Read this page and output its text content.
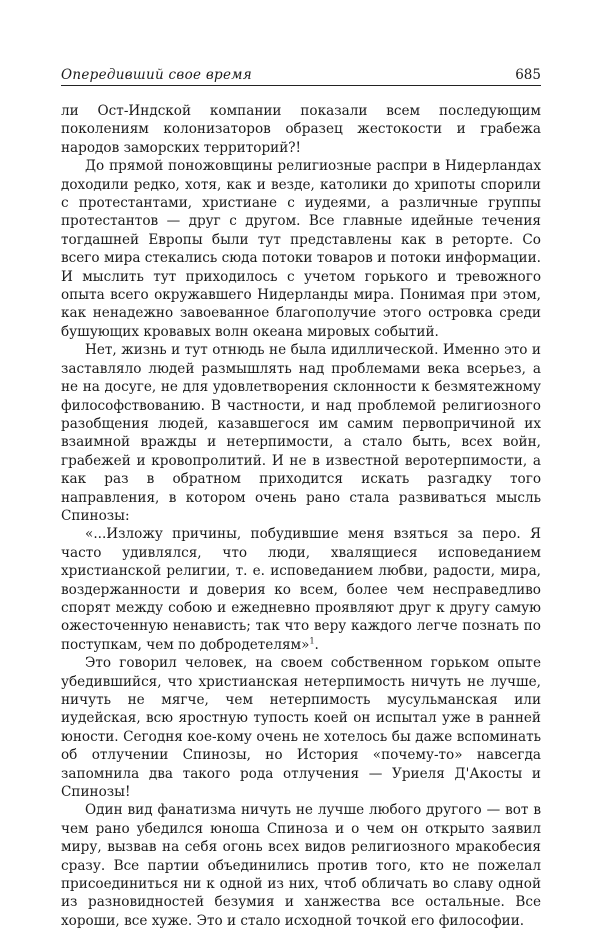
Опередивший свое время	685

ли Ост-Индской компании показали всем последующим поколениям колонизаторов образец жестокости и грабежа народов заморских территорий?!

До прямой поножовщины религиозные распри в Нидерландах доходили редко, хотя, как и везде, католики до хрипоты спорили с протестантами, христиане с иудеями, а различные группы протестантов — друг с другом. Все главные идейные течения тогдашней Европы были тут представлены как в реторте. Со всего мира стекались сюда потоки товаров и потоки информации. И мыслить тут приходилось с учетом горького и тревожного опыта всего окружавшего Нидерланды мира. Понимая при этом, как ненадежно завоеванное благополучие этого островка среди бушующих кровавых волн океана мировых событий.

Нет, жизнь и тут отнюдь не была идиллической. Именно это и заставляло людей размышлять над проблемами века всерьез, а не на досуге, не для удовлетворения склонности к безмятежному философствованию. В частности, и над проблемой религиозного разобщения людей, казавшегося им самим первопричиной их взаимной вражды и нетерпимости, а стало быть, всех войн, грабежей и кровопролитий. И не в известной веротерпимости, а как раз в обратном приходится искать разгадку того направления, в котором очень рано стала развиваться мысль Спинозы:

«...Изложу причины, побудившие меня взяться за перо. Я часто удивлялся, что люди, хвалящиеся исповеданием христианской религии, т. е. исповеданием любви, радости, мира, воздержанности и доверия ко всем, более чем несправедливо спорят между собою и ежедневно проявляют друг к другу самую ожесточенную ненависть; так что веру каждого легче познать по поступкам, чем по добродетелям»$^1$.

Это говорил человек, на своем собственном горьком опыте убедившийся, что христианская нетерпимость ничуть не лучше, ничуть не мягче, чем нетерпимость мусульманская или иудейская, всю яростную тупость коей он испытал уже в ранней юности. Сегодня кое-кому очень не хотелось бы даже вспоминать об отлучении Спинозы, но История «почему-то» навсегда запомнила два такого рода отлучения — Уриеля Д'Акосты и Спинозы!

Один вид фанатизма ничуть не лучше любого другого — вот в чем рано убедился юноша Спиноза и о чем он открыто заявил миру, вызвав на себя огонь всех видов религиозного мракобесия сразу. Все партии объединились против того, кто не пожелал присоединиться ни к одной из них, чтоб обличать во славу одной из разновидностей безумия и ханжества все остальные. Все хороши, все хуже. Это и стало исходной точкой его философии.
